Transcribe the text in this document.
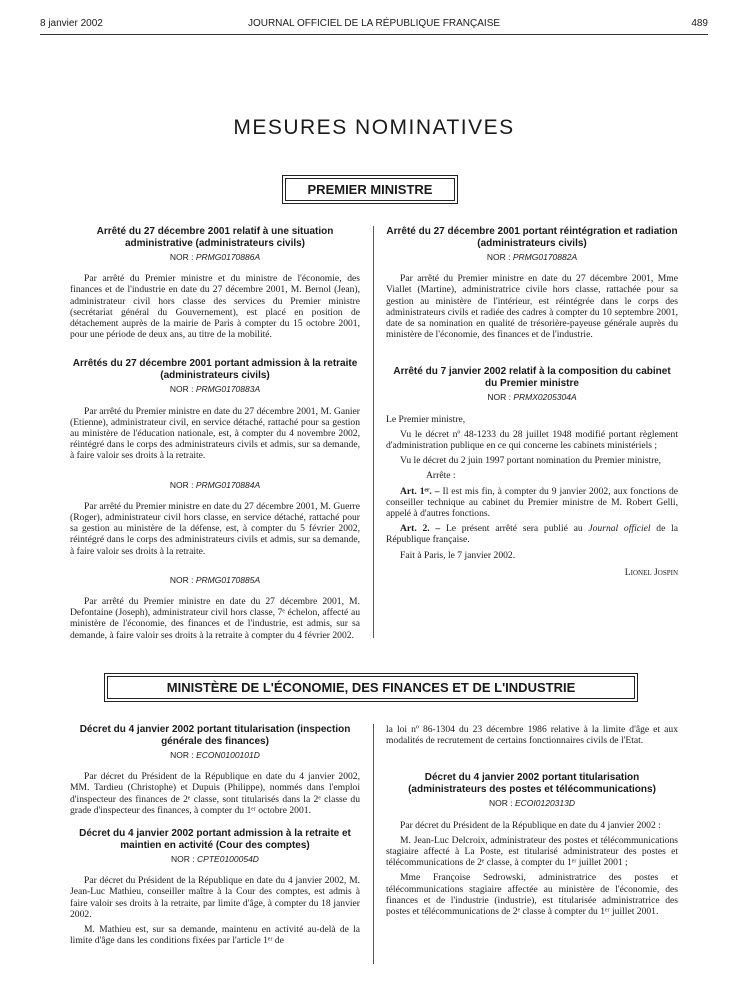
8 janvier 2002	JOURNAL OFFICIEL DE LA RÉPUBLIQUE FRANÇAISE	489
MESURES NOMINATIVES
PREMIER MINISTRE
Arrêté du 27 décembre 2001 relatif à une situation administrative (administrateurs civils)
NOR : PRMG0170886A

Par arrêté du Premier ministre et du ministre de l'économie, des finances et de l'industrie en date du 27 décembre 2001, M. Bernol (Jean), administrateur civil hors classe des services du Premier ministre (secrétariat général du Gouvernement), est placé en position de détachement auprès de la mairie de Paris à compter du 15 octobre 2001, pour une période de deux ans, au titre de la mobilité.

Arrêtés du 27 décembre 2001 portant admission à la retraite (administrateurs civils)
NOR : PRMG0170883A

Par arrêté du Premier ministre en date du 27 décembre 2001, M. Ganier (Etienne), administrateur civil, en service détaché, rattaché pour sa gestion au ministère de l'éducation nationale, est, à compter du 4 novembre 2002, réintégré dans le corps des administrateurs civils et admis, sur sa demande, à faire valoir ses droits à la retraite.

NOR : PRMG0170884A

Par arrêté du Premier ministre en date du 27 décembre 2001, M. Guerre (Roger), administrateur civil hors classe, en service détaché, rattaché pour sa gestion au ministère de la défense, est, à compter du 5 février 2002, réintégré dans le corps des administrateurs civils et admis, sur sa demande, à faire valoir ses droits à la retraite.

NOR : PRMG0170885A

Par arrêté du Premier ministre en date du 27 décembre 2001, M. Defontaine (Joseph), administrateur civil hors classe, 7ᵉ échelon, affecté au ministère de l'économie, des finances et de l'industrie, est admis, sur sa demande, à faire valoir ses droits à la retraite à compter du 4 février 2002.

Arrêté du 27 décembre 2001 portant réintégration et radiation (administrateurs civils)
NOR : PRMG0170882A

Par arrêté du Premier ministre en date du 27 décembre 2001, Mme Viallet (Martine), administratrice civile hors classe, rattachée pour sa gestion au ministère de l'intérieur, est réintégrée dans le corps des administrateurs civils et radiée des cadres à compter du 10 septembre 2001, date de sa nomination en qualité de trésorière-payeuse générale auprès du ministère de l'économie, des finances et de l'industrie.

Arrêté du 7 janvier 2002 relatif à la composition du cabinet du Premier ministre
NOR : PRMX0205304A

Le Premier ministre,

Vu le décret nº 48-1233 du 28 juillet 1948 modifié portant règlement d'administration publique en ce qui concerne les cabinets ministériels ;

Vu le décret du 2 juin 1997 portant nomination du Premier ministre,

Arrête :

Art. 1ᵉʳ. – Il est mis fin, à compter du 9 janvier 2002, aux fonctions de conseiller technique au cabinet du Premier ministre de M. Robert Gelli, appelé à d'autres fonctions.

Art. 2. – Le présent arrêté sera publié au Journal officiel de la République française.

Fait à Paris, le 7 janvier 2002.

Lionel Jospin

MINISTÈRE DE L'ÉCONOMIE, DES FINANCES ET DE L'INDUSTRIE
Décret du 4 janvier 2002 portant titularisation (inspection générale des finances)
NOR : ECON0100101D

Par décret du Président de la République en date du 4 janvier 2002, MM. Tardieu (Christophe) et Dupuis (Philippe), nommés dans l'emploi d'inspecteur des finances de 2ᵉ classe, sont titularisés dans la 2ᵉ classe du grade d'inspecteur des finances, à compter du 1ᵉʳ octobre 2001.

Décret du 4 janvier 2002 portant admission à la retraite et maintien en activité (Cour des comptes)
NOR : CPTE0100054D

Par décret du Président de la République en date du 4 janvier 2002, M. Jean-Luc Mathieu, conseiller maître à la Cour des comptes, est admis à faire valoir ses droits à la retraite, par limite d'âge, à compter du 18 janvier 2002.

M. Mathieu est, sur sa demande, maintenu en activité au-delà de la limite d'âge dans les conditions fixées par l'article 1ᵉʳ de

la loi nº 86-1304 du 23 décembre 1986 relative à la limite d'âge et aux modalités de recrutement de certains fonctionnaires civils de l'Etat.

Décret du 4 janvier 2002 portant titularisation (administrateurs des postes et télécommunications)
NOR : ECOI0120313D

Par décret du Président de la République en date du 4 janvier 2002 :

M. Jean-Luc Delcroix, administrateur des postes et télécommunications stagiaire affecté à La Poste, est titularisé administrateur des postes et télécommunications de 2ᵉ classe, à compter du 1ᵉʳ juillet 2001 ;

Mme Françoise Sedrowski, administratrice des postes et télécommunications stagiaire affectée au ministère de l'économie, des finances et de l'industrie (industrie), est titularisée administratrice des postes et télécommunications de 2ᵉ classe à compter du 1ᵉʳ juillet 2001.
